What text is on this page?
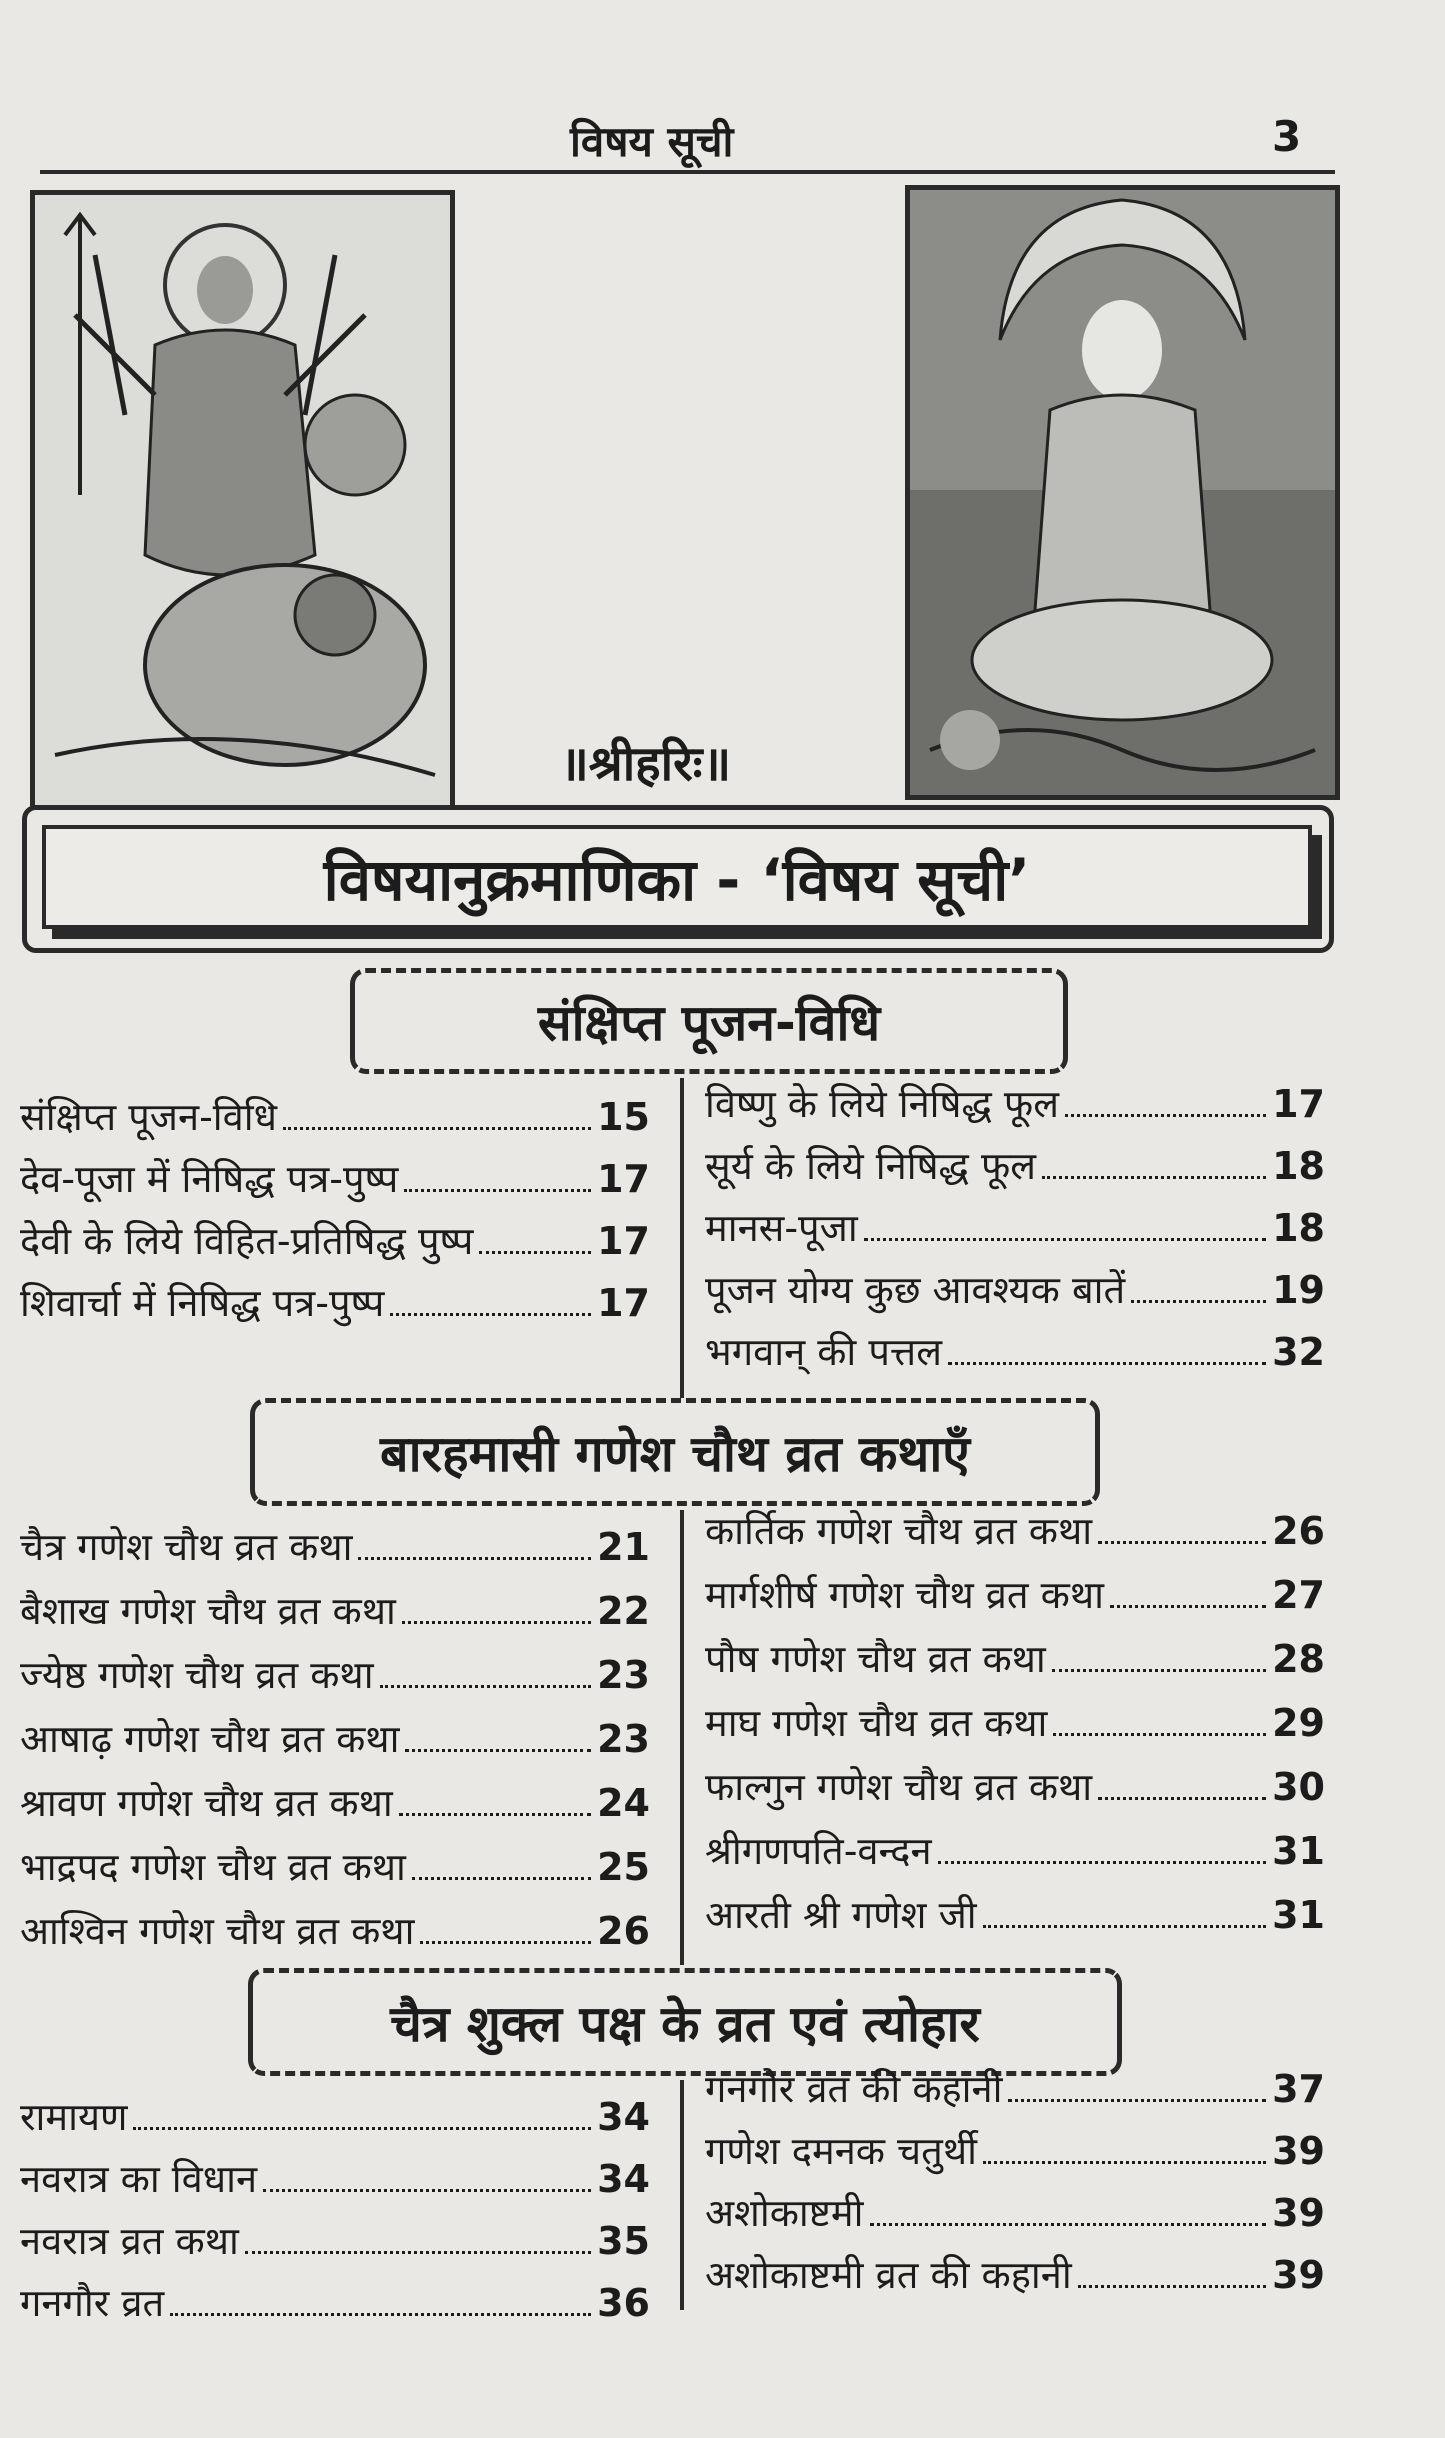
विषय सूची	3
॥श्रीहरिः॥
विषयानुक्रमाणिका - ‘विषय सूची’
संक्षिप्त पूजन-विधि
संक्षिप्त पूजन-विधि	15
देव-पूजा में निषिद्ध पत्र-पुष्प	17
देवी के लिये विहित-प्रतिषिद्ध पुष्प	17
शिवार्चा में निषिद्ध पत्र-पुष्प	17
विष्णु के लिये निषिद्ध फूल	17
सूर्य के लिये निषिद्ध फूल	18
मानस-पूजा	18
पूजन योग्य कुछ आवश्यक बातें	19
भगवान् की पत्तल	32
बारहमासी गणेश चौथ व्रत कथाएँ
चैत्र गणेश चौथ व्रत कथा	21
बैशाख गणेश चौथ व्रत कथा	22
ज्येष्ठ गणेश चौथ व्रत कथा	23
आषाढ़ गणेश चौथ व्रत कथा	23
श्रावण गणेश चौथ व्रत कथा	24
भाद्रपद गणेश चौथ व्रत कथा	25
आश्विन गणेश चौथ व्रत कथा	26
कार्तिक गणेश चौथ व्रत कथा	26
मार्गशीर्ष गणेश चौथ व्रत कथा	27
पौष गणेश चौथ व्रत कथा	28
माघ गणेश चौथ व्रत कथा	29
फाल्गुन गणेश चौथ व्रत कथा	30
श्रीगणपति-वन्दन	31
आरती श्री गणेश जी	31
चैत्र शुक्ल पक्ष के व्रत एवं त्योहार
रामायण	34
नवरात्र का विधान	34
नवरात्र व्रत कथा	35
गनगौर व्रत	36
गनगौर व्रत की कहानी	37
गणेश दमनक चतुर्थी	39
अशोकाष्टमी	39
अशोकाष्टमी व्रत की कहानी	39
